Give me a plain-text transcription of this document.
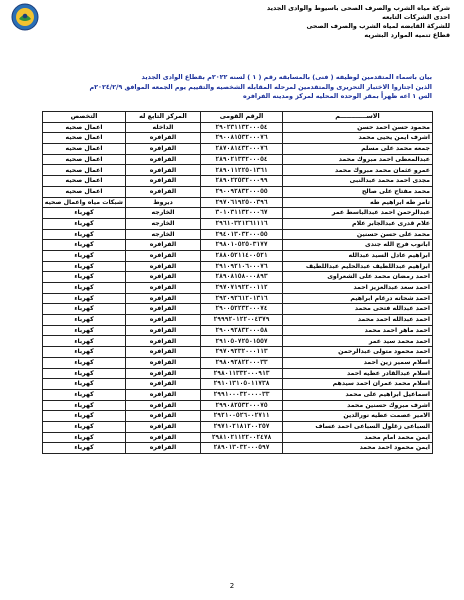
شركة مياه الشرب والصرف الصحى باسيوط والوادى الجديد
احدى الشركات التابعه
للشركة القابضه لمياه الشرب والصرف الصحى
قطاع تنميه الموارد البشريه
بيان باسماء المتقدمين لوظيفه ( فنى) بالمسابقه رقم ( ١ ) لسنه ٢٠٢٢م بقطاع الوادى الجديد
الذين اجتازوا الاختبار التحريرى والمتقدمين لمرحله المقابله الشخصيه والتقييم يوم الجمعه الموافق ٢٠٢٤/٢/٩م
الس ١ اعه ظهراً بمقر الوحده المحليه لمركز ومدينه الفرافره
الاســــــــــــم	الرقم القومى	المركز التابع له	التخصص
محمود حسن احمد حسن	٢٩٠٢٣١١٣٢٠٠٠٥٤	الداخله	اعمال صحيه
اشرف ايمن يحيى محمد	٢٩٠٠٨١٥٣٢٠٠٠٧٦	الفرافره	اعمال صحيه
جمعه محمد على مسلم	٢٨٧٠٨١٤٣٢٠٠٠٧٦	الفرافره	اعمال صحيه
عبدالمعطى احمد مبروك محمد	٢٨٩٠٢١٣٣٢٠٠٠٥٤	الفرافره	اعمال صحيه
عمرو عثمان محمد مبروك محمد	٢٨٩٠١١٢٢٥٠١٣٦١	الفرافره	اعمال صحيه
مجدى احمد محمد عبدالنبى	٢٨٩٠٢٢٥٣٢٠٠٠٩٩	الفرافره	اعمال صحيه
محمد مفتاح على صالح	٢٩٠٠٩٢٨٣٢٠٠٠٥٥	الفرافره	اعمال صحيه
تامر طه ابراهيم طه	٢٩٧٠٦١٩٢٥٠٠٣٩٦	ديروط	شبكات مياه واعمال صحيه
عبدالرحمن احمد عبدالباسط عمر	٣٠١٠٣١١٣٢٠٠٠٦٧	الخارجه	كهرباء
علام قدرى عبدالجابر علام	٢٩٦١٠٣٢١٢٦١١١٦	الخارجه	كهرباء
محمد على حسن حسنين	٢٩٤٠١٣٠٣٢٠٠٠٥٥	الخارجه	كهرباء
ابانوب فرج الله جندى	٢٩٨٠١٠٥٢٥٠٣١٧٧	الفرافره	كهرباء
ابراهيم عادل السيد عبدالله	٢٨٨٠٥٢١١٤٠٠٥٢١	الفرافره	كهرباء
ابراهيم عبداللطيف عبدالحليم عبداللطيف	٢٩١٠٩٢١٠٦٠٠٠٧٦	الفرافره	كهرباء
احمد رمضان محمد على الشعراوى	٢٨٩٠٨١٥٨٠٠٠٨٩٣	الفرافره	كهرباء
احمد سعد عبدالعزيز احمد	٢٩٧٠٧١٩٢٢٠٠١١٢	الفرافره	كهرباء
احمد شحاته درغام ابراهيم	٢٩٢٠٩٢٦١٢٠١٣١٦	الفرافره	كهرباء
احمد عبدالله فتحى محمد	٢٩٠٠٥٢٢٣٢٠٠٠٧٤	الفرافره	كهرباء
احمد عبدالله احمد محمد	٢٩٩٩٢٠١٢٢٠٠٤٣٧٩	الفرافره	كهرباء
احمد ماهر احمد محمد	٢٩٠٠٩٢٨٣٢٠٠٠٥٨	الفرافره	كهرباء
احمد محمد سيد عمر	٢٩١٠٥٠٧٢٥٠١٥٥٧	الفرافره	كهرباء
احمد محمود متولى عبدالرحمن	٢٩٧٠٩٢٣٢٠٠٠١١٣	الفرافره	كهرباء
اسلام سمير زين احمد	٢٩٨٠٩٢٨٢٢٠٠٠٣٣	الفرافره	كهرباء
اسلام عبدالقادر عطيه احمد	٢٩٨٠١١٣٣٢٠٠٠٩١٣	الفرافره	كهرباء
اسلام محمد عمران احمد سيدهم	٢٩١٠١٣١٠٥٠١١٧٣٨	الفرافره	كهرباء
اسماعيل ابراهيم على محمد	٢٩٩١٠٠٠٣٢٠٠٠٠٣٣	الفرافره	كهرباء
اشرف مبروك حسنين محمد	٢٩٩٠٨٢٥٣٢٠٠٠٧٥	الفرافره	كهرباء
الامير عصمت عطيه نورالدين	٢٩٢١٠٠٥٢٦٠٠٢٧١١	الفرافره	كهرباء
السباعى زغلول السباعى احمد عساف	٢٩٧١٠٢١٨١٢٠٠٢٥٧	الفرافره	كهرباء
ايمن محمد امام محمد	٢٩٨١٠٢١١٢٢٠٠٢٤٧٨	الفرافره	كهرباء
ايمن محمود احمد محمد	٢٨٩٠١٣٠٣٢٠٠٠٥٩٧	الفرافره	كهرباء
2
